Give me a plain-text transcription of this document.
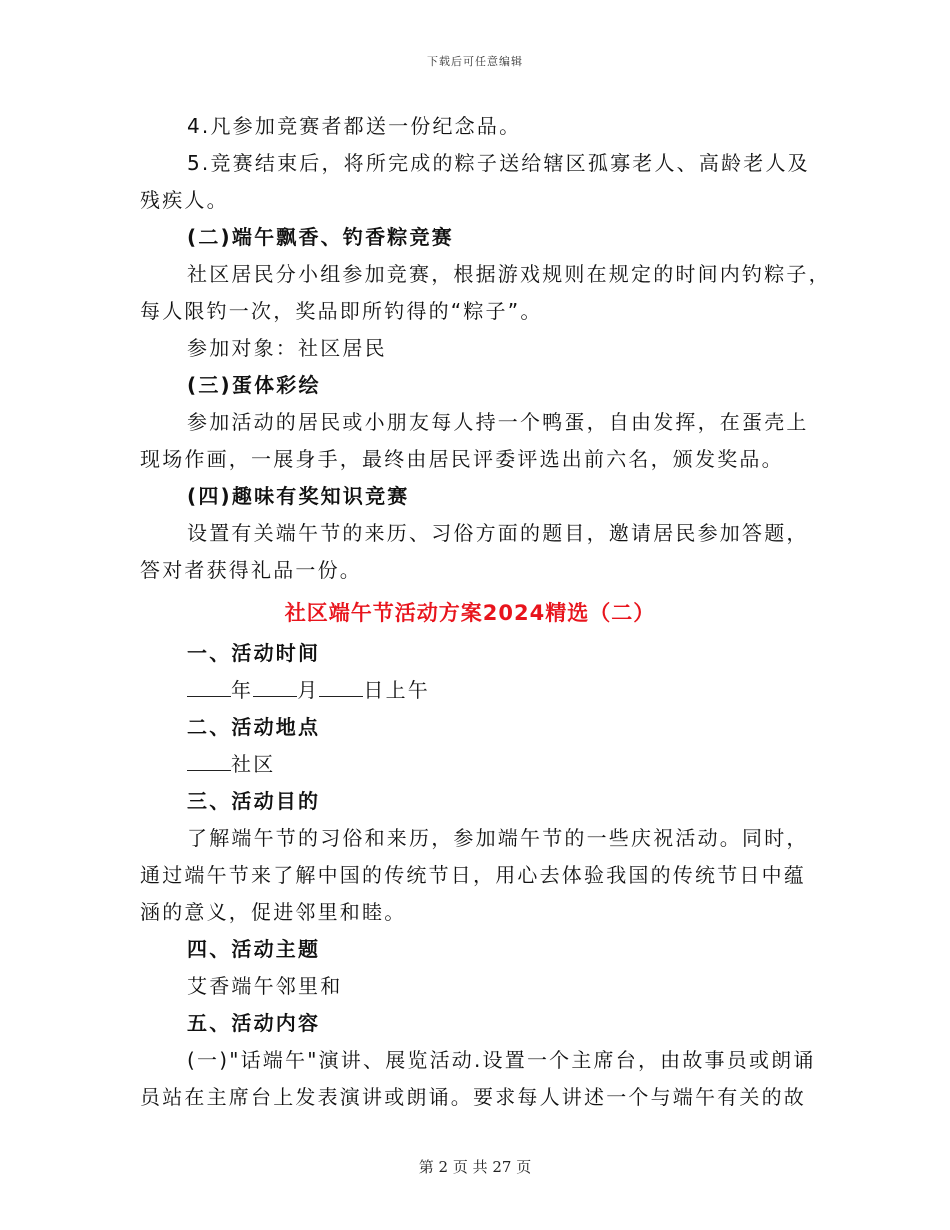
下载后可任意编辑
4.凡参加竞赛者都送一份纪念品。
5.竞赛结束后，将所完成的粽子送给辖区孤寡老人、高龄老人及
残疾人。
(二)端午飘香、钓香粽竞赛
社区居民分小组参加竞赛，根据游戏规则在规定的时间内钓粽子，
每人限钓一次，奖品即所钓得的“粽子”。
参加对象：社区居民
(三)蛋体彩绘
参加活动的居民或小朋友每人持一个鸭蛋，自由发挥，在蛋壳上
现场作画，一展身手，最终由居民评委评选出前六名，颁发奖品。
(四)趣味有奖知识竞赛
设置有关端午节的来历、习俗方面的题目，邀请居民参加答题，
答对者获得礼品一份。
社区端午节活动方案2024精选（二）
一、活动时间
年 月 日上午
二、活动地点
社区
三、活动目的
了解端午节的习俗和来历，参加端午节的一些庆祝活动。同时，
通过端午节来了解中国的传统节日，用心去体验我国的传统节日中蕴
涵的意义，促进邻里和睦。
四、活动主题
艾香端午邻里和
五、活动内容
(一)"话端午"演讲、展览活动.设置一个主席台，由故事员或朗诵
员站在主席台上发表演讲或朗诵。要求每人讲述一个与端午有关的故
第 2 页 共 27 页
